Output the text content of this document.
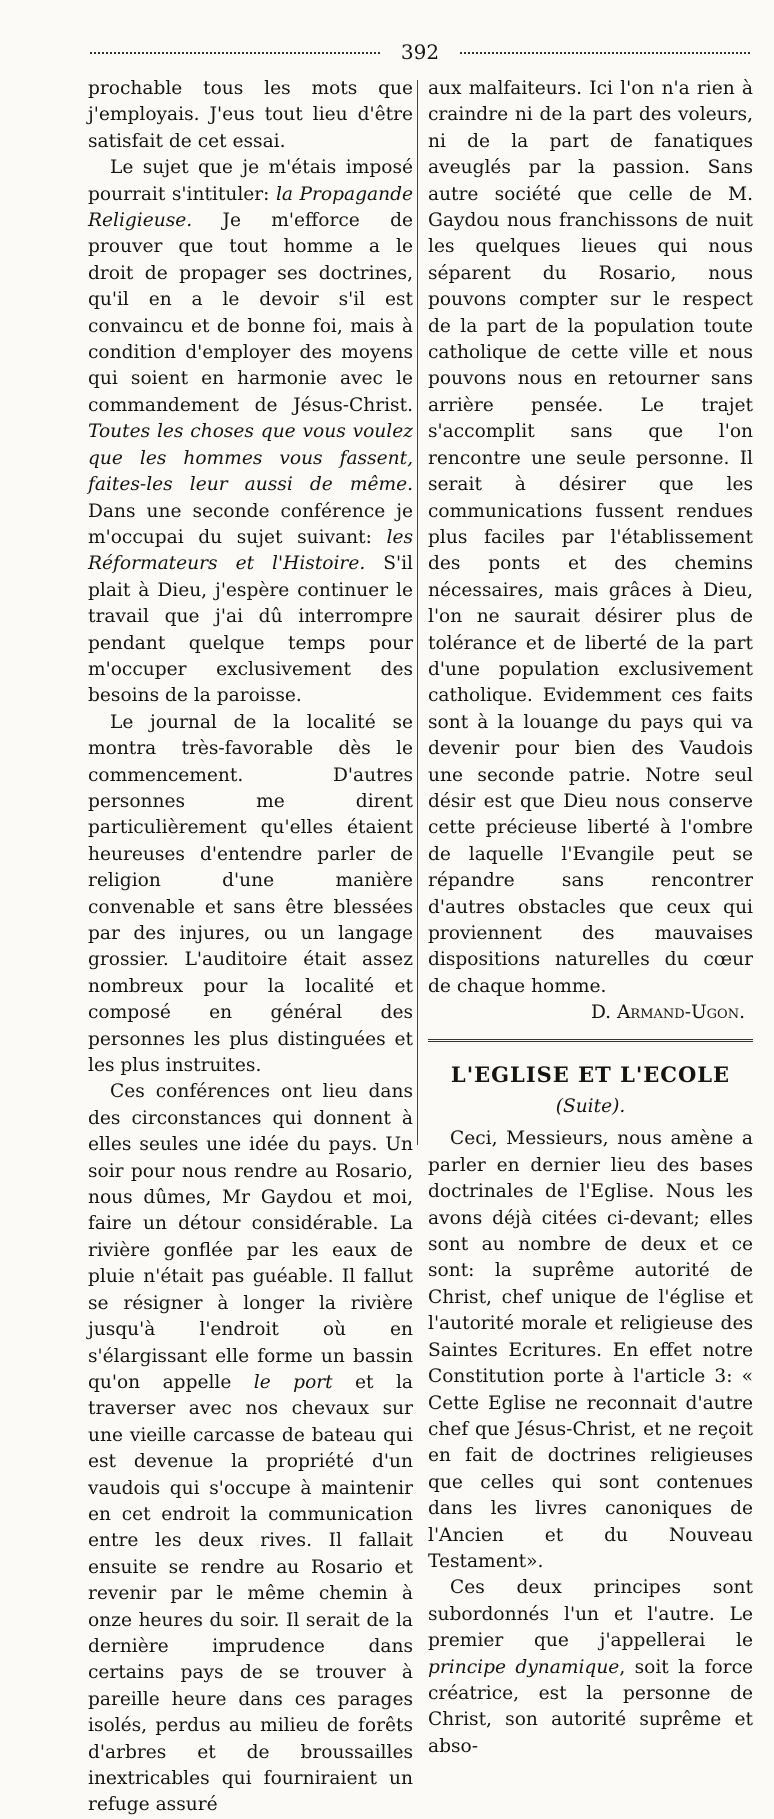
392

prochable tous les mots que j'employais. J'eus tout lieu d'être satisfait de cet essai.

Le sujet que je m'étais imposé pourrait s'intituler: la Propagande Religieuse. Je m'efforce de prouver que tout homme a le droit de propager ses doctrines, qu'il en a le devoir s'il est convaincu et de bonne foi, mais à condition d'employer des moyens qui soient en harmonie avec le commandement de Jésus-Christ. Toutes les choses que vous voulez que les hommes vous fassent, faites-les leur aussi de même. Dans une seconde conférence je m'occupai du sujet suivant: les Réformateurs et l'Histoire. S'il plait à Dieu, j'espère continuer le travail que j'ai dû interrompre pendant quelque temps pour m'occuper exclusivement des besoins de la paroisse.

Le journal de la localité se montra très-favorable dès le commencement. D'autres personnes me dirent particulièrement qu'elles étaient heureuses d'entendre parler de religion d'une manière convenable et sans être blessées par des injures, ou un langage grossier. L'auditoire était assez nombreux pour la localité et composé en général des personnes les plus distinguées et les plus instruites.

Ces conférences ont lieu dans des circonstances qui donnent à elles seules une idée du pays. Un soir pour nous rendre au Rosario, nous dûmes, Mr Gaydou et moi, faire un détour considérable. La rivière gonflée par les eaux de pluie n'était pas guéable. Il fallut se résigner à longer la rivière jusqu'à l'endroit où en s'élargissant elle forme un bassin qu'on appelle le port et la traverser avec nos chevaux sur une vieille carcasse de bateau qui est devenue la propriété d'un vaudois qui s'occupe à maintenir en cet endroit la communication entre les deux rives. Il fallait ensuite se rendre au Rosario et revenir par le même chemin à onze heures du soir. Il serait de la dernière imprudence dans certains pays de se trouver à pareille heure dans ces parages isolés, perdus au milieu de forêts d'arbres et de broussailles inextricables qui fourniraient un refuge assuré

aux malfaiteurs. Ici l'on n'a rien à craindre ni de la part des voleurs, ni de la part de fanatiques aveuglés par la passion. Sans autre société que celle de M. Gaydou nous franchissons de nuit les quelques lieues qui nous séparent du Rosario, nous pouvons compter sur le respect de la part de la population toute catholique de cette ville et nous pouvons nous en retourner sans arrière pensée. Le trajet s'accomplit sans que l'on rencontre une seule personne. Il serait à désirer que les communications fussent rendues plus faciles par l'établissement des ponts et des chemins nécessaires, mais grâces à Dieu, l'on ne saurait désirer plus de tolérance et de liberté de la part d'une population exclusivement catholique. Evidemment ces faits sont à la louange du pays qui va devenir pour bien des Vaudois une seconde patrie. Notre seul désir est que Dieu nous conserve cette précieuse liberté à l'ombre de laquelle l'Evangile peut se répandre sans rencontrer d'autres obstacles que ceux qui proviennent des mauvaises dispositions naturelles du cœur de chaque homme.

D. Armand-Ugon.

L'EGLISE ET L'ECOLE

(Suite).

Ceci, Messieurs, nous amène a parler en dernier lieu des bases doctrinales de l'Eglise. Nous les avons déjà citées ci-devant; elles sont au nombre de deux et ce sont: la suprême autorité de Christ, chef unique de l'église et l'autorité morale et religieuse des Saintes Ecritures. En effet notre Constitution porte à l'article 3: « Cette Eglise ne reconnait d'autre chef que Jésus-Christ, et ne reçoit en fait de doctrines religieuses que celles qui sont contenues dans les livres canoniques de l'Ancien et du Nouveau Testament».

Ces deux principes sont subordonnés l'un et l'autre. Le premier que j'appellerai le principe dynamique, soit la force créatrice, est la personne de Christ, son autorité suprême et abso-
